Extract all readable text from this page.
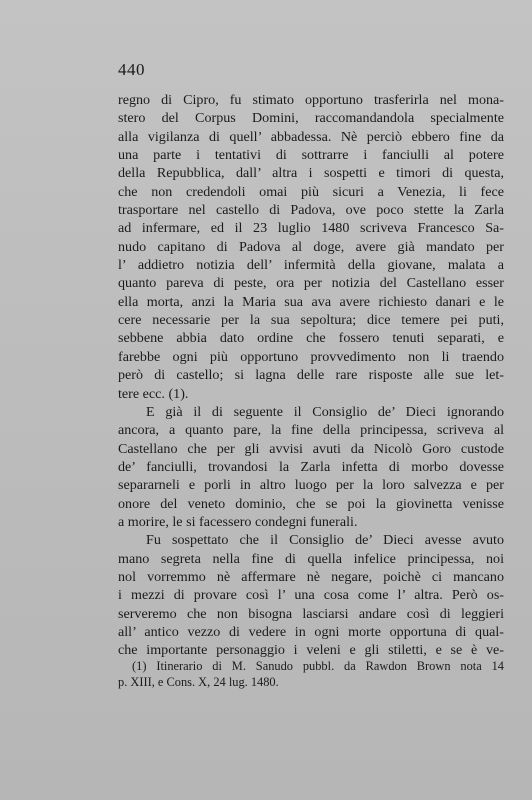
440
regno di Cipro, fu stimato opportuno trasferirla nel mona-
stero del Corpus Domini, raccomandandola specialmente
alla vigilanza di quell’ abbadessa. Nè perciò ebbero fine da
una parte i tentativi di sottrarre i fanciulli al potere
della Repubblica, dall’ altra i sospetti e timori di questa,
che non credendoli omai più sicuri a Venezia, li fece
trasportare nel castello di Padova, ove poco stette la Zarla
ad infermare, ed il 23 luglio 1480 scriveva Francesco Sa-
nudo capitano di Padova al doge, avere già mandato per
l’ addietro notizia dell’ infermità della giovane, malata a
quanto pareva di peste, ora per notizia del Castellano esser
ella morta, anzi la Maria sua ava avere richiesto danari e le
cere necessarie per la sua sepoltura; dice temere pei puti,
sebbene abbia dato ordine che fossero tenuti separati, e
farebbe ogni più opportuno provvedimento non li traendo
però di castello; si lagna delle rare risposte alle sue let-
tere ecc. (1).
E già il di seguente il Consiglio de’ Dieci ignorando
ancora, a quanto pare, la fine della principessa, scriveva al
Castellano che per gli avvisi avuti da Nicolò Goro custode
de’ fanciulli, trovandosi la Zarla infetta di morbo dovesse
separarneli e porli in altro luogo per la loro salvezza e per
onore del veneto dominio, che se poi la giovinetta venisse
a morire, le si facessero condegni funerali.
Fu sospettato che il Consiglio de’ Dieci avesse avuto
mano segreta nella fine di quella infelice principessa, noi
nol vorremmo nè affermare nè negare, poichè ci mancano
i mezzi di provare così l’ una cosa come l’ altra. Però os-
serveremo che non bisogna lasciarsi andare così di leggieri
all’ antico vezzo di vedere in ogni morte opportuna di qual-
che importante personaggio i veleni e gli stiletti, e se è ve-
(1) Itinerario di M. Sanudo pubbl. da Rawdon Brown nota 14
p. XIII, e Cons. X, 24 lug. 1480.
